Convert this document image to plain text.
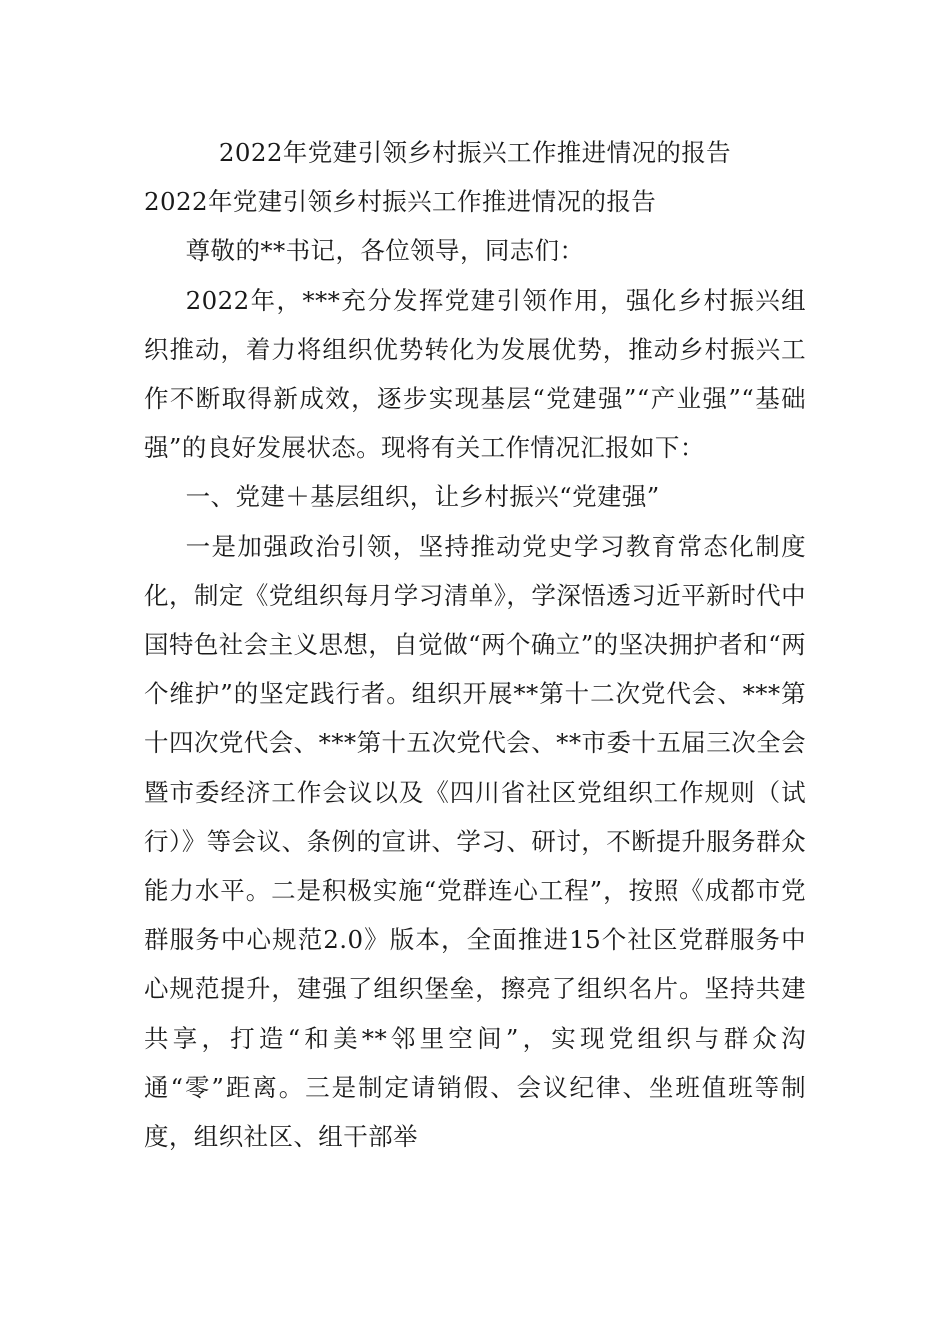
2022年党建引领乡村振兴工作推进情况的报告

2022年党建引领乡村振兴工作推进情况的报告

尊敬的**书记，各位领导，同志们：

2022年，***充分发挥党建引领作用，强化乡村振兴组织推动，着力将组织优势转化为发展优势，推动乡村振兴工作不断取得新成效，逐步实现基层“党建强”“产业强”“基础强”的良好发展状态。现将有关工作情况汇报如下：

一、党建＋基层组织，让乡村振兴“党建强”

一是加强政治引领，坚持推动党史学习教育常态化制度化，制定《党组织每月学习清单》，学深悟透习近平新时代中国特色社会主义思想，自觉做“两个确立”的坚决拥护者和“两个维护”的坚定践行者。组织开展**第十二次党代会、***第十四次党代会、***第十五次党代会、**市委十五届三次全会暨市委经济工作会议以及《四川省社区党组织工作规则（试行）》等会议、条例的宣讲、学习、研讨，不断提升服务群众能力水平。二是积极实施“党群连心工程”，按照《成都市党群服务中心规范2.0》版本，全面推进15个社区党群服务中心规范提升，建强了组织堡垒，擦亮了组织名片。坚持共建共享，打造“和美**邻里空间”，实现党组织与群众沟通“零”距离。三是制定请销假、会议纪律、坐班值班等制度，组织社区、组干部举
